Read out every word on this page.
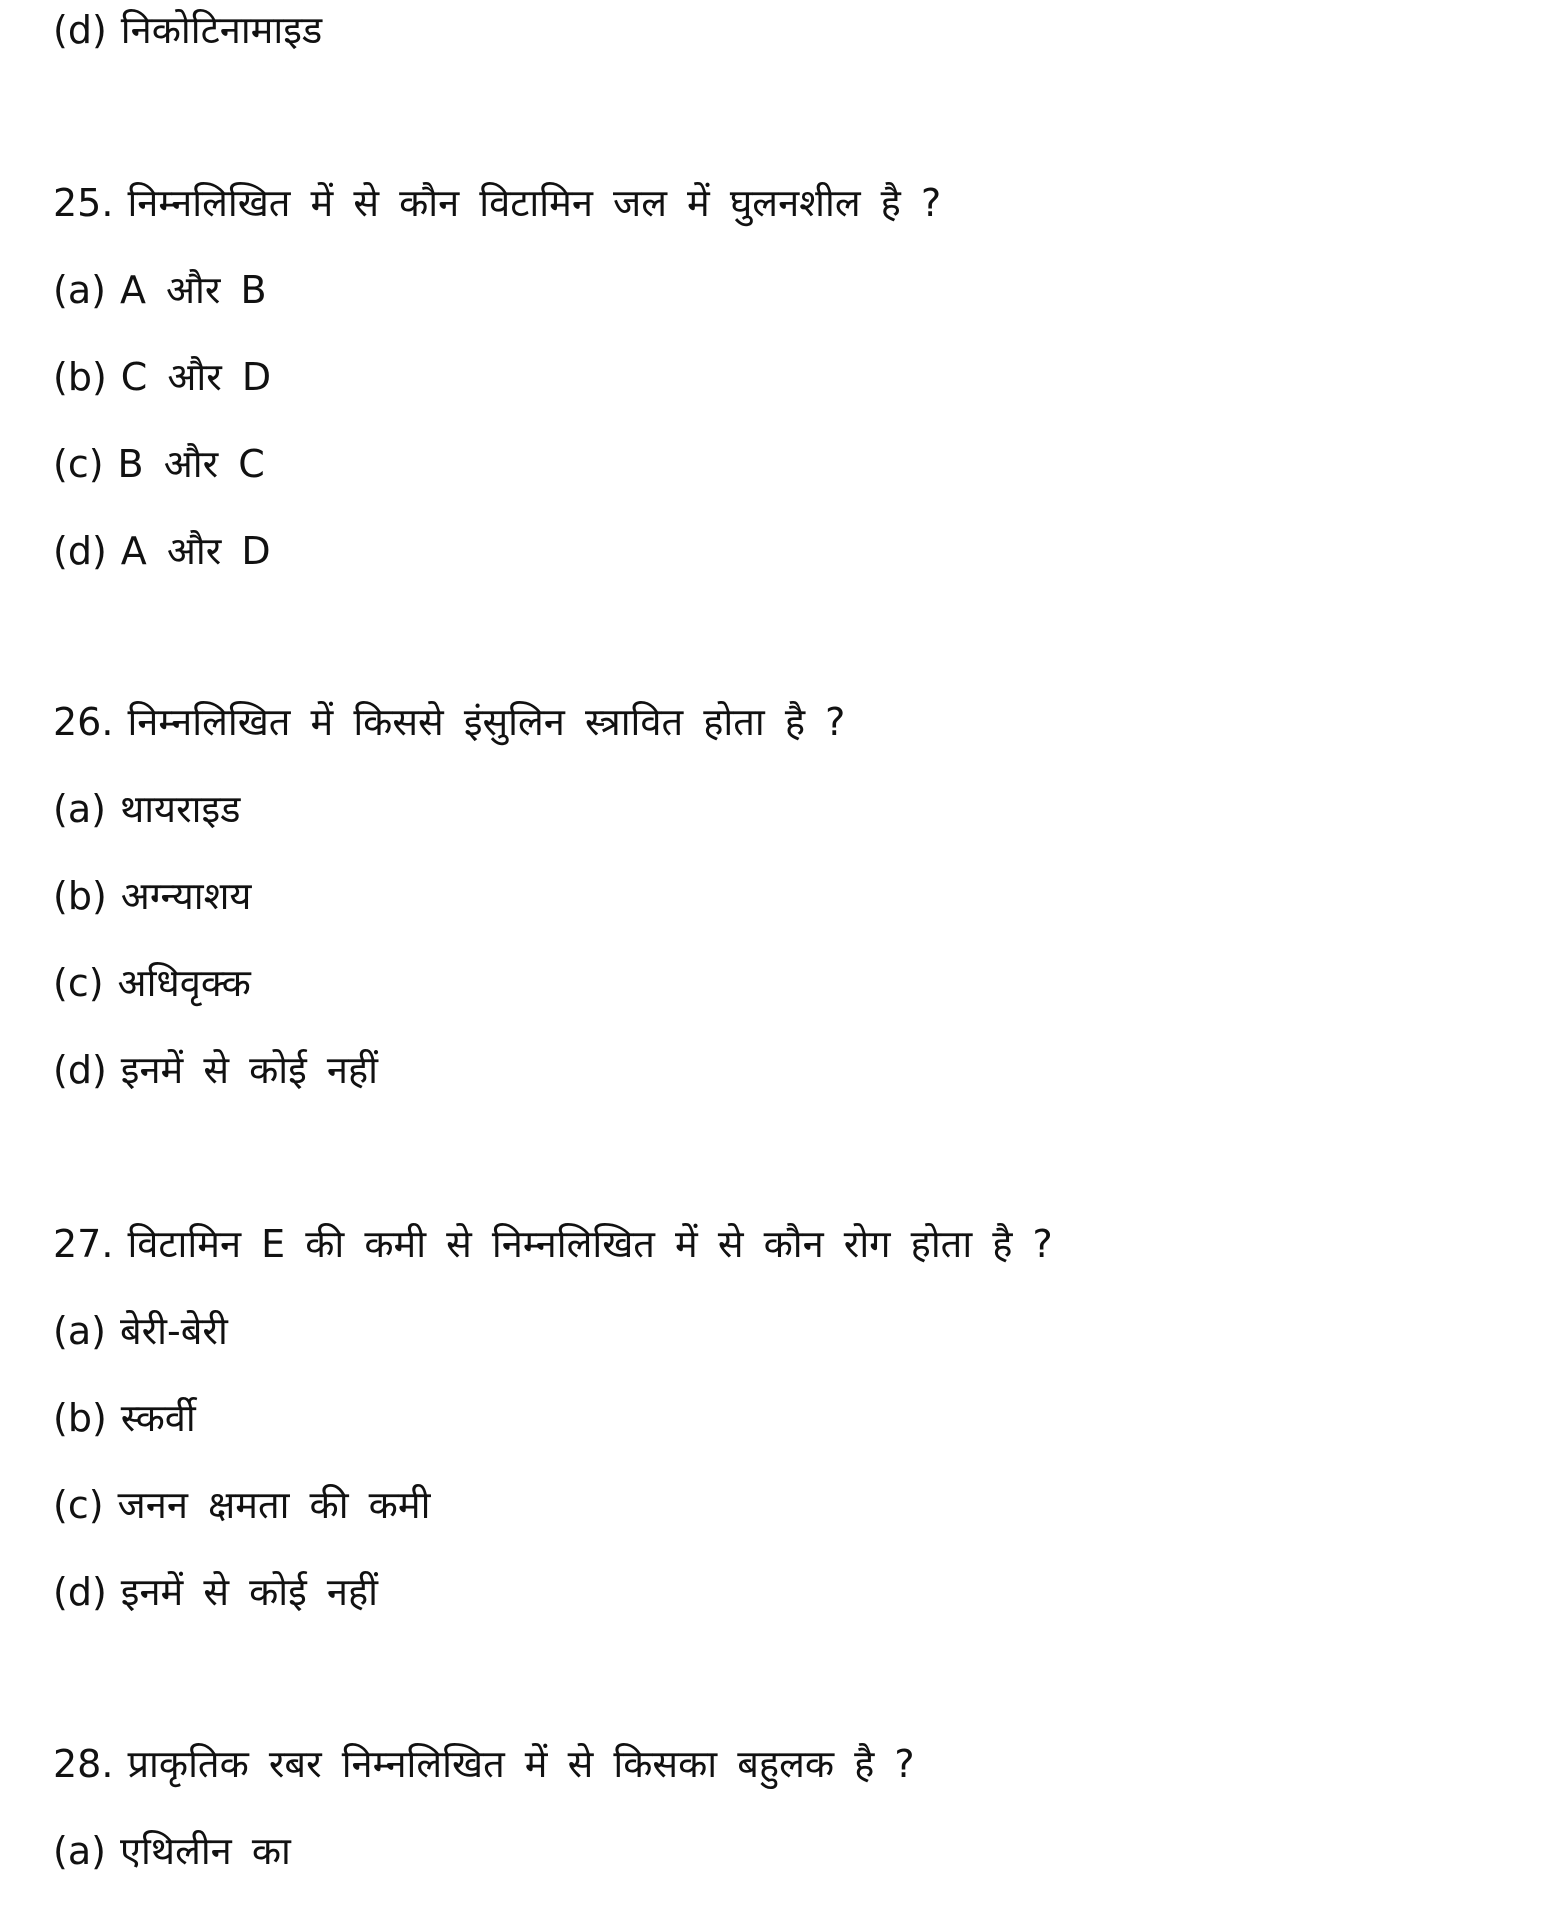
(d) निकोटिनामाइड
25. निम्नलिखित में से कौन विटामिन जल में घुलनशील है ?
(a) A और B
(b) C और D
(c) B और C
(d) A और D
26. निम्नलिखित में किससे इंसुलिन स्त्रावित होता है ?
(a) थायराइड
(b) अग्न्याशय
(c) अधिवृक्क
(d) इनमें से कोई नहीं
27. विटामिन E की कमी से निम्नलिखित में से कौन रोग होता है ?
(a) बेरी-बेरी
(b) स्कर्वी
(c) जनन क्षमता की कमी
(d) इनमें से कोई नहीं
28. प्राकृतिक रबर निम्नलिखित में से किसका बहुलक है ?
(a) एथिलीन का
